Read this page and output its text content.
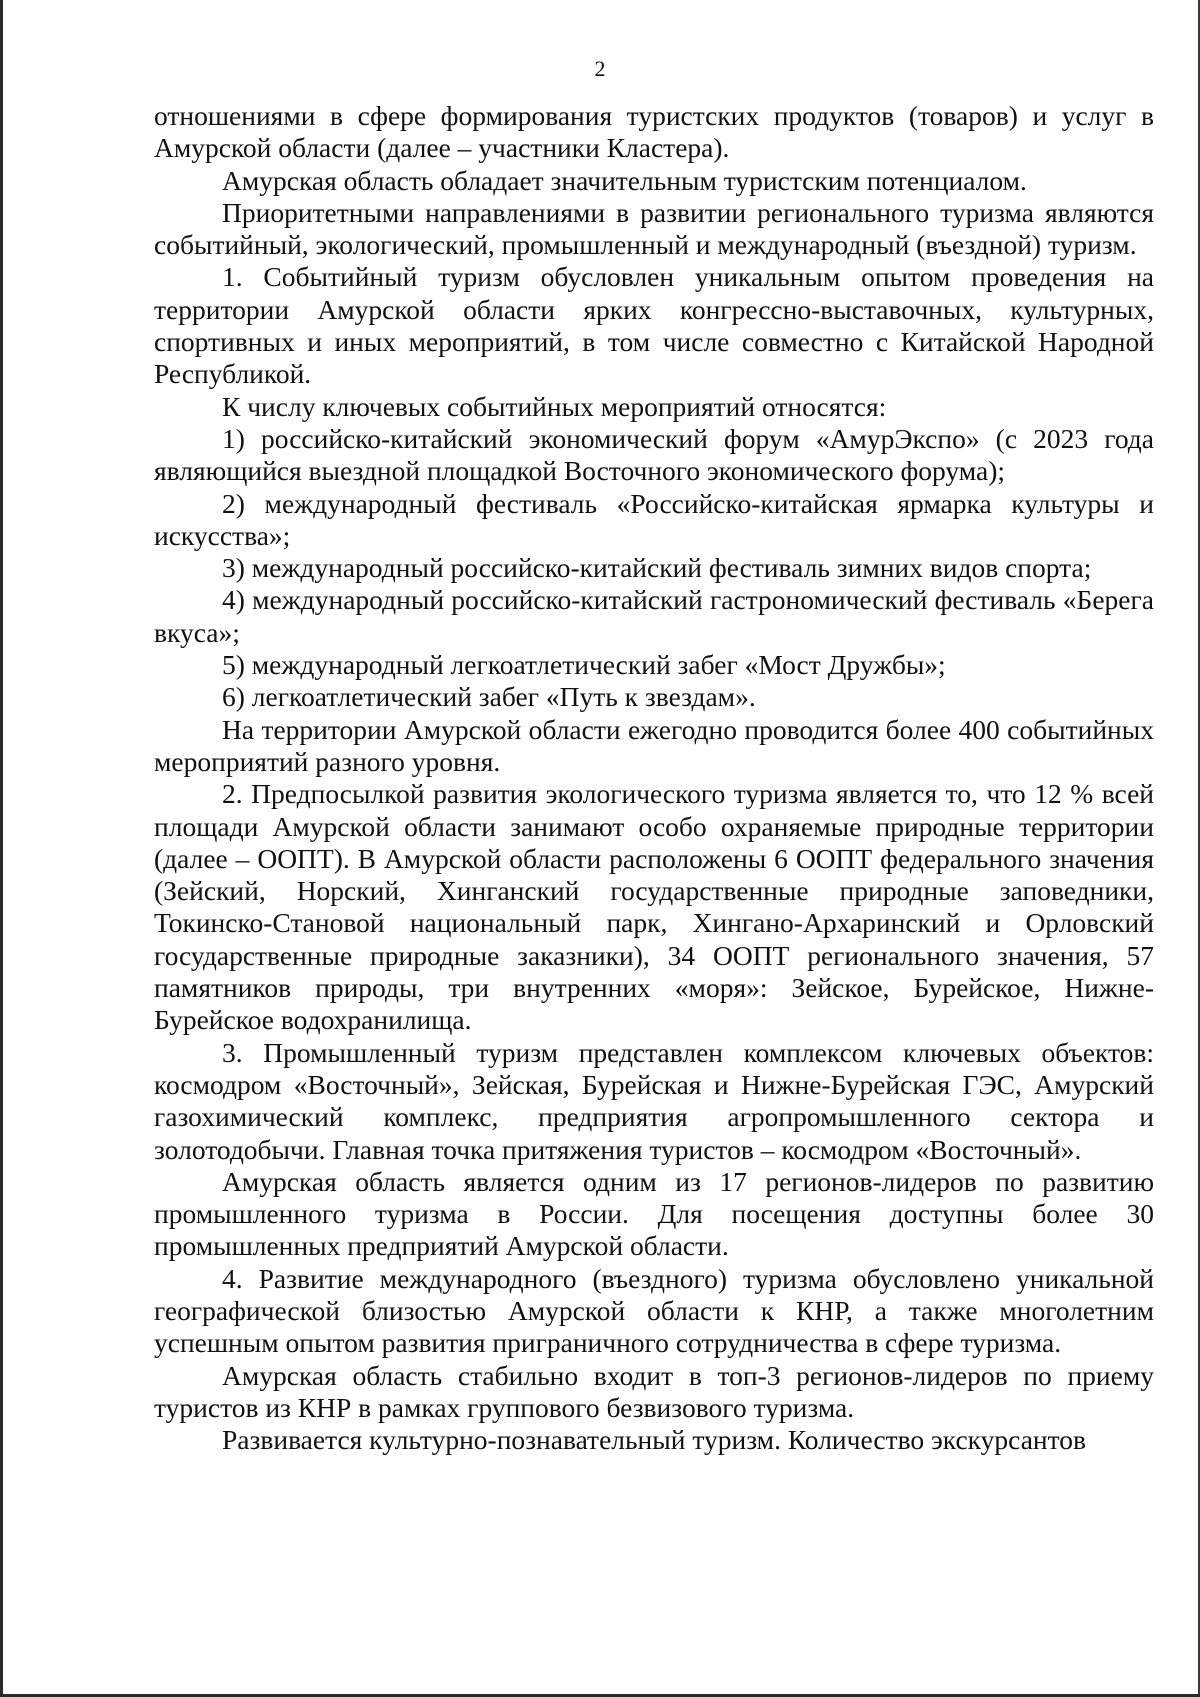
2

отношениями в сфере формирования туристских продуктов (товаров) и услуг в Амурской области (далее – участники Кластера).

Амурская область обладает значительным туристским потенциалом.

Приоритетными направлениями в развитии регионального туризма являются событийный, экологический, промышленный и международный (въездной) туризм.

1. Событийный туризм обусловлен уникальным опытом проведения на территории Амурской области ярких конгрессно-выставочных, культурных, спортивных и иных мероприятий, в том числе совместно с Китайской Народной Республикой.

К числу ключевых событийных мероприятий относятся:

1) российско-китайский экономический форум «АмурЭкспо» (с 2023 года являющийся выездной площадкой Восточного экономического форума);

2) международный фестиваль «Российско-китайская ярмарка культуры и искусства»;

3) международный российско-китайский фестиваль зимних видов спорта;

4) международный российско-китайский гастрономический фестиваль «Берега вкуса»;

5) международный легкоатлетический забег «Мост Дружбы»;

6) легкоатлетический забег «Путь к звездам».

На территории Амурской области ежегодно проводится более 400 событийных мероприятий разного уровня.

2. Предпосылкой развития экологического туризма является то, что 12 % всей площади Амурской области занимают особо охраняемые природные территории (далее – ООПТ). В Амурской области расположены 6 ООПТ федерального значения (Зейский, Норский, Хинганский государственные природные заповедники, Токинско-Становой национальный парк, Хингано-Архаринский и Орловский государственные природные заказники), 34 ООПТ регионального значения, 57 памятников природы, три внутренних «моря»: Зейское, Бурейское, Нижне-Бурейское водохранилища.

3. Промышленный туризм представлен комплексом ключевых объектов: космодром «Восточный», Зейская, Бурейская и Нижне-Бурейская ГЭС, Амурский газохимический комплекс, предприятия агропромышленного сектора и золотодобычи. Главная точка притяжения туристов – космодром «Восточный».

Амурская область является одним из 17 регионов-лидеров по развитию промышленного туризма в России. Для посещения доступны более 30 промышленных предприятий Амурской области.

4. Развитие международного (въездного) туризма обусловлено уникальной географической близостью Амурской области к КНР, а также многолетним успешным опытом развития приграничного сотрудничества в сфере туризма.

Амурская область стабильно входит в топ-3 регионов-лидеров по приему туристов из КНР в рамках группового безвизового туризма.

Развивается культурно-познавательный туризм. Количество экскурсантов
